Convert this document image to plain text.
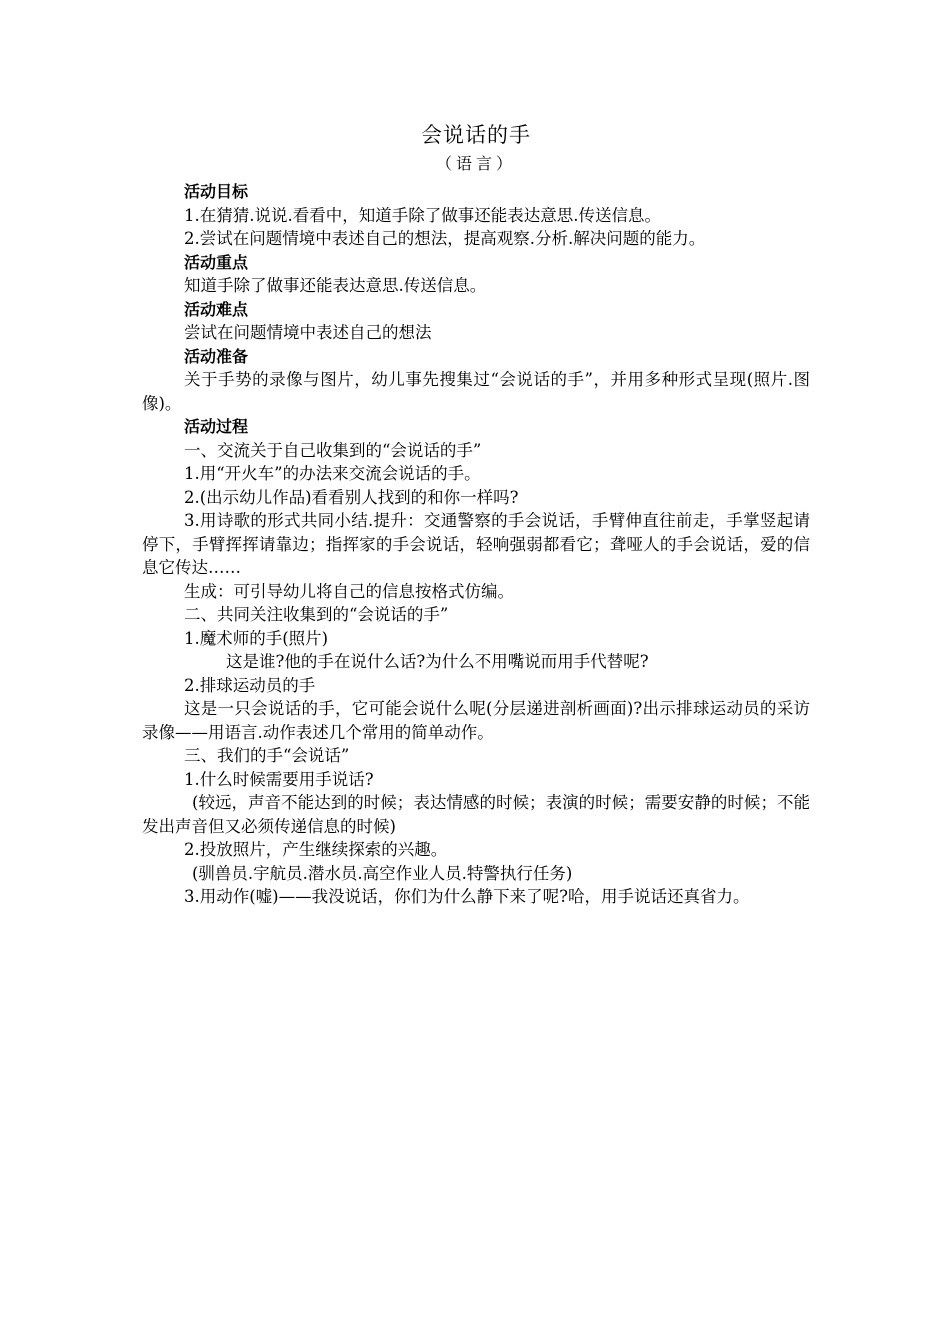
会说话的手
（语言）
活动目标
1.在猜猜.说说.看看中，知道手除了做事还能表达意思.传送信息。
2.尝试在问题情境中表述自己的想法，提高观察.分析.解决问题的能力。
活动重点
知道手除了做事还能表达意思.传送信息。
活动难点
尝试在问题情境中表述自己的想法
活动准备
关于手势的录像与图片，幼儿事先搜集过“会说话的手”，并用多种形式呈现(照片.图像)。
活动过程
一、交流关于自己收集到的“会说话的手”
1.用“开火车”的办法来交流会说话的手。
2.(出示幼儿作品)看看别人找到的和你一样吗?
3.用诗歌的形式共同小结.提升：交通警察的手会说话，手臂伸直往前走，手掌竖起请停下，手臂挥挥请靠边；指挥家的手会说话，轻响强弱都看它；聋哑人的手会说话，爱的信息它传达……
生成：可引导幼儿将自己的信息按格式仿编。
二、共同关注收集到的“会说话的手”
1.魔术师的手(照片)
这是谁?他的手在说什么话?为什么不用嘴说而用手代替呢?
2.排球运动员的手
这是一只会说话的手，它可能会说什么呢(分层递进剖析画面)?出示排球运动员的采访录像——用语言.动作表述几个常用的简单动作。
三、我们的手“会说话”
1.什么时候需要用手说话?
(较远，声音不能达到的时候；表达情感的时候；表演的时候；需要安静的时候；不能发出声音但又必须传递信息的时候)
2.投放照片，产生继续探索的兴趣。
(驯兽员.宇航员.潜水员.高空作业人员.特警执行任务)
3.用动作(嘘)——我没说话，你们为什么静下来了呢?哈，用手说话还真省力。
